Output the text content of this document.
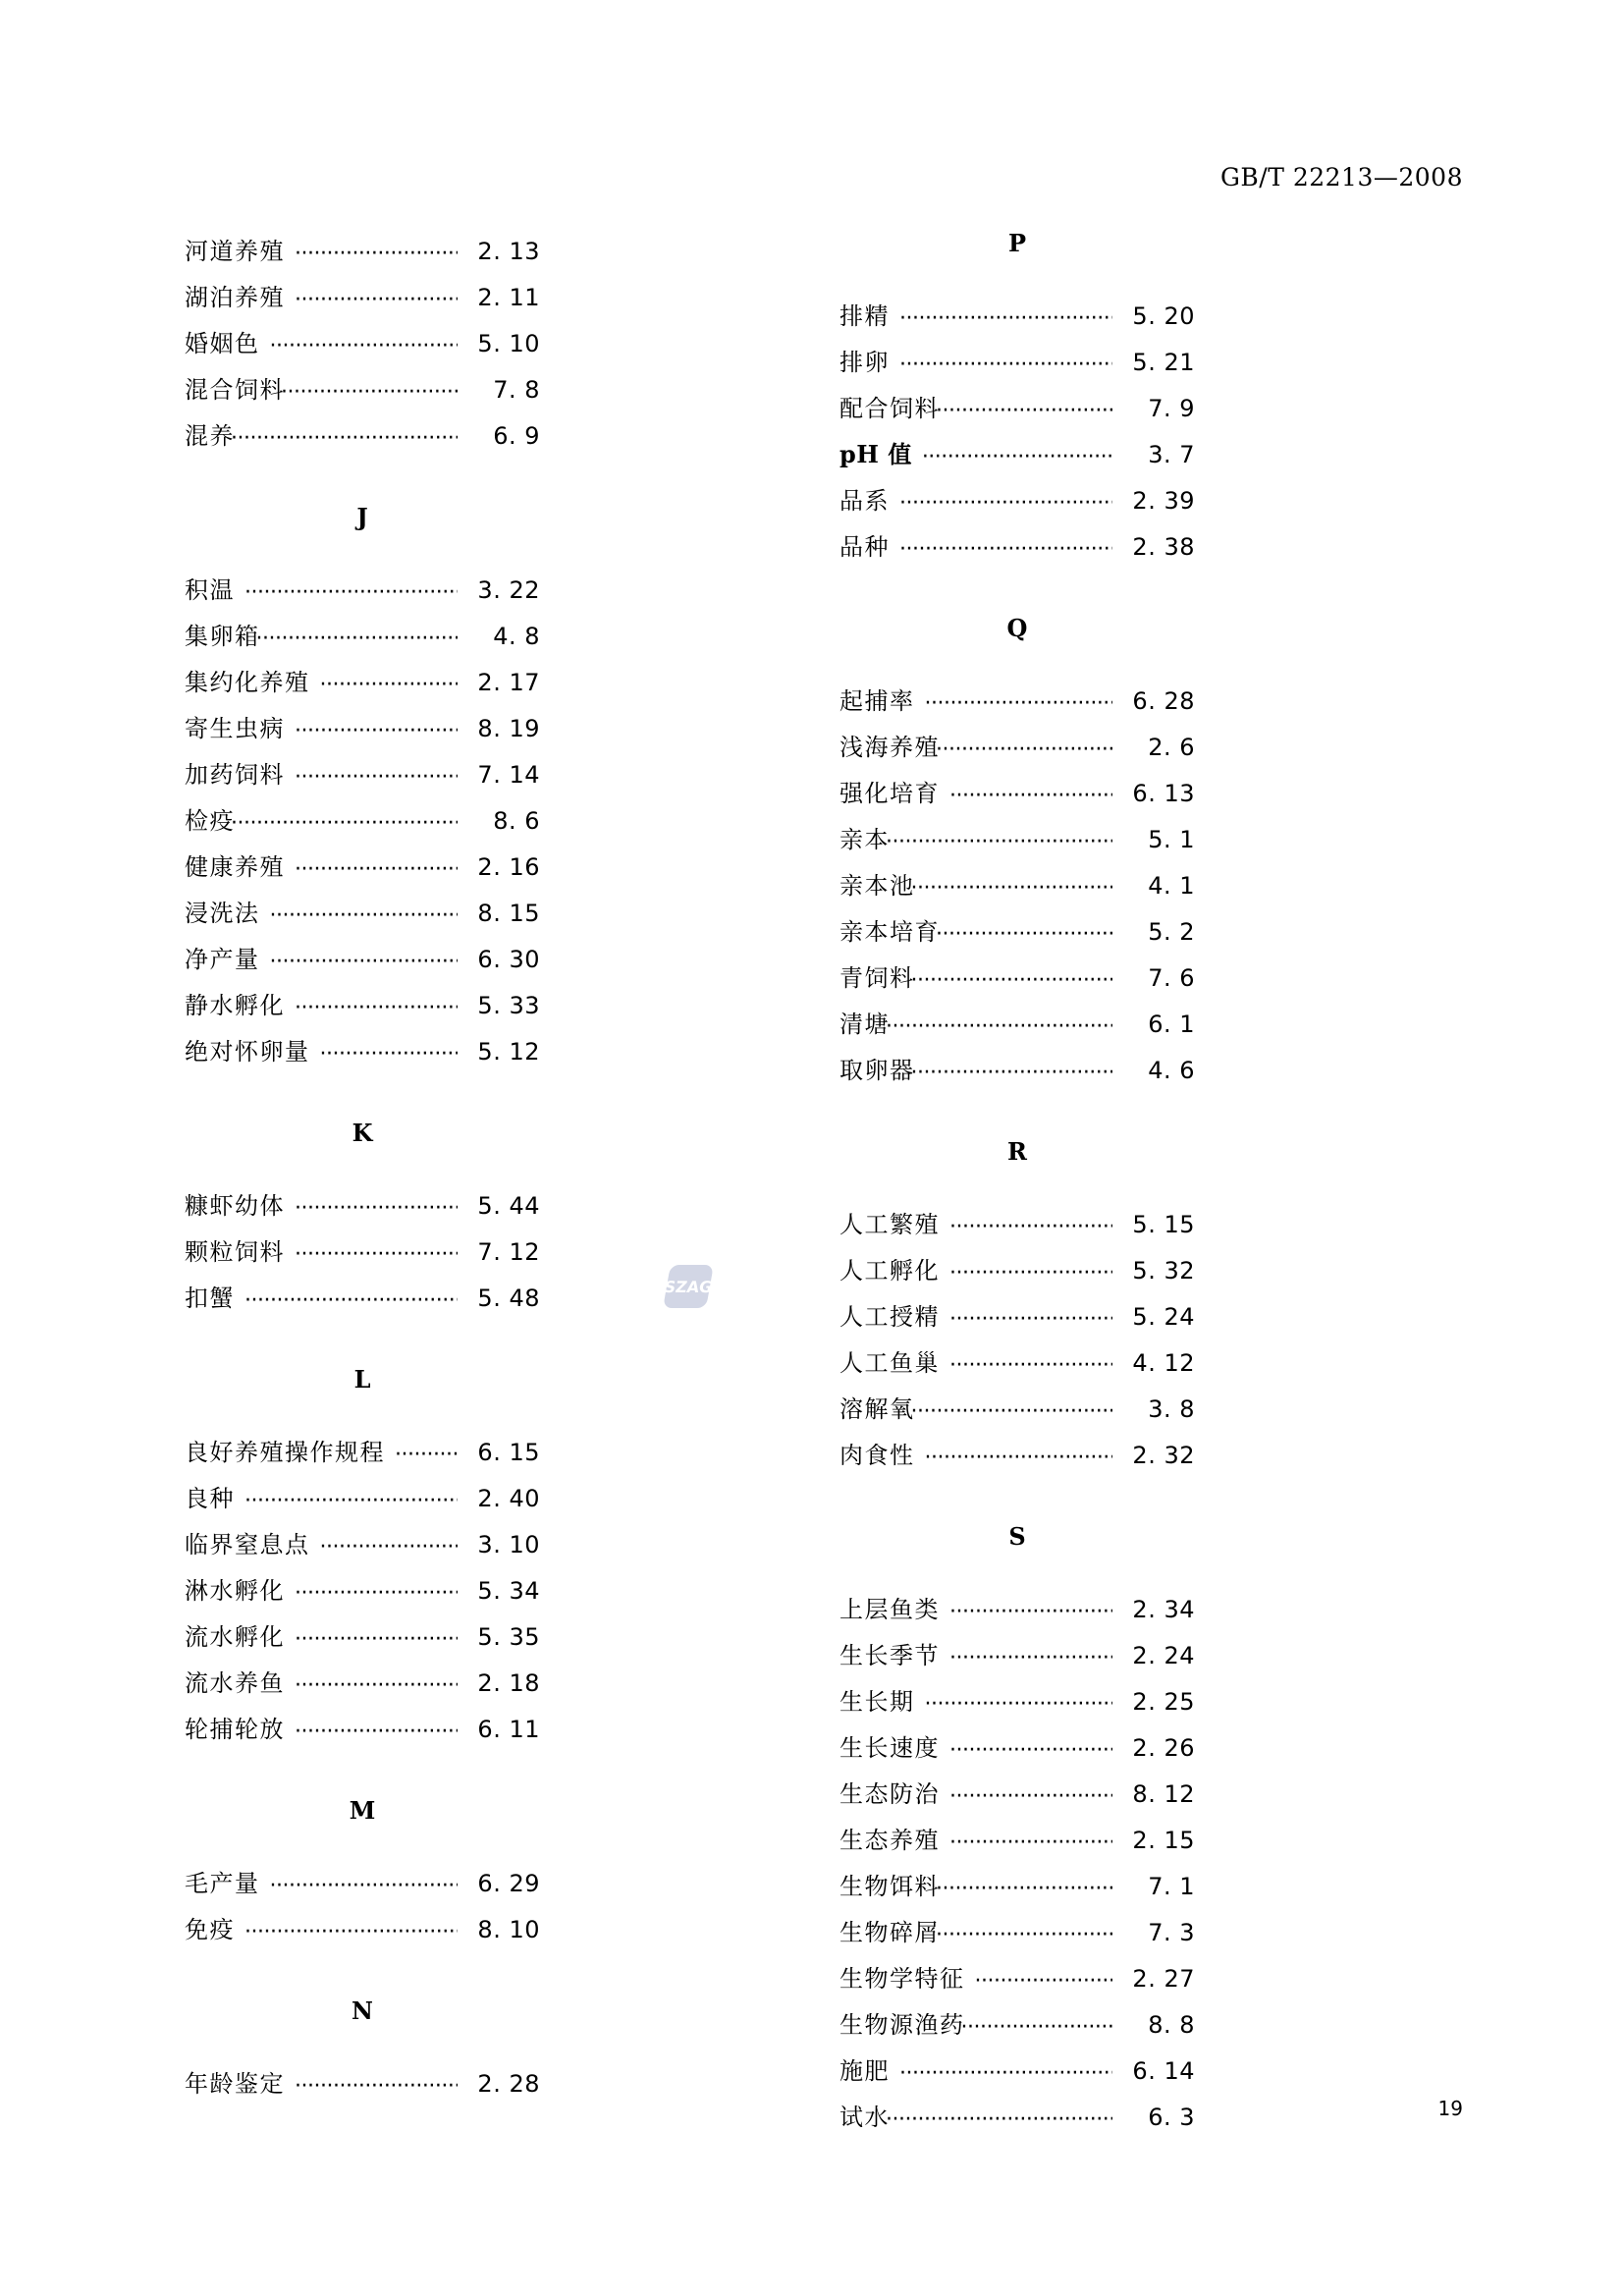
GB/T 22213—2008
河道养殖 ·····	2. 13
湖泊养殖 ·····	2. 11
婚姻色 ·····	5. 10
混合饲料 ·····	7. 8
混养 ·····	6. 9
J
积温 ·····	3. 22
集卵箱 ·····	4. 8
集约化养殖 ·····	2. 17
寄生虫病 ·····	8. 19
加药饲料 ·····	7. 14
检疫 ·····	8. 6
健康养殖 ·····	2. 16
浸洗法 ·····	8. 15
净产量 ·····	6. 30
静水孵化 ·····	5. 33
绝对怀卵量 ·····	5. 12
K
糠虾幼体 ·····	5. 44
颗粒饲料 ·····	7. 12
扣蟹 ·····	5. 48
L
良好养殖操作规程 ·····	6. 15
良种 ·····	2. 40
临界窒息点 ·····	3. 10
淋水孵化 ·····	5. 34
流水孵化 ·····	5. 35
流水养鱼 ·····	2. 18
轮捕轮放 ·····	6. 11
M
毛产量 ·····	6. 29
免疫 ·····	8. 10
N
年龄鉴定 ·····	2. 28
P
排精 ·····	5. 20
排卵 ·····	5. 21
配合饲料 ·····	7. 9
pH 值 ·····	3. 7
品系 ·····	2. 39
品种 ·····	2. 38
Q
起捕率 ·····	6. 28
浅海养殖 ·····	2. 6
强化培育 ·····	6. 13
亲本 ·····	5. 1
亲本池 ·····	4. 1
亲本培育 ·····	5. 2
青饲料 ·····	7. 6
清塘 ·····	6. 1
取卵器 ·····	4. 6
R
人工繁殖 ·····	5. 15
人工孵化 ·····	5. 32
人工授精 ·····	5. 24
人工鱼巢 ·····	4. 12
溶解氧 ·····	3. 8
肉食性 ·····	2. 32
S
上层鱼类 ·····	2. 34
生长季节 ·····	2. 24
生长期 ·····	2. 25
生长速度 ·····	2. 26
生态防治 ·····	8. 12
生态养殖 ·····	2. 15
生物饵料 ·····	7. 1
生物碎屑 ·····	7. 3
生物学特征 ·····	2. 27
生物源渔药 ·····	8. 8
施肥 ·····	6. 14
试水 ·····	6. 3
SZAG
19
